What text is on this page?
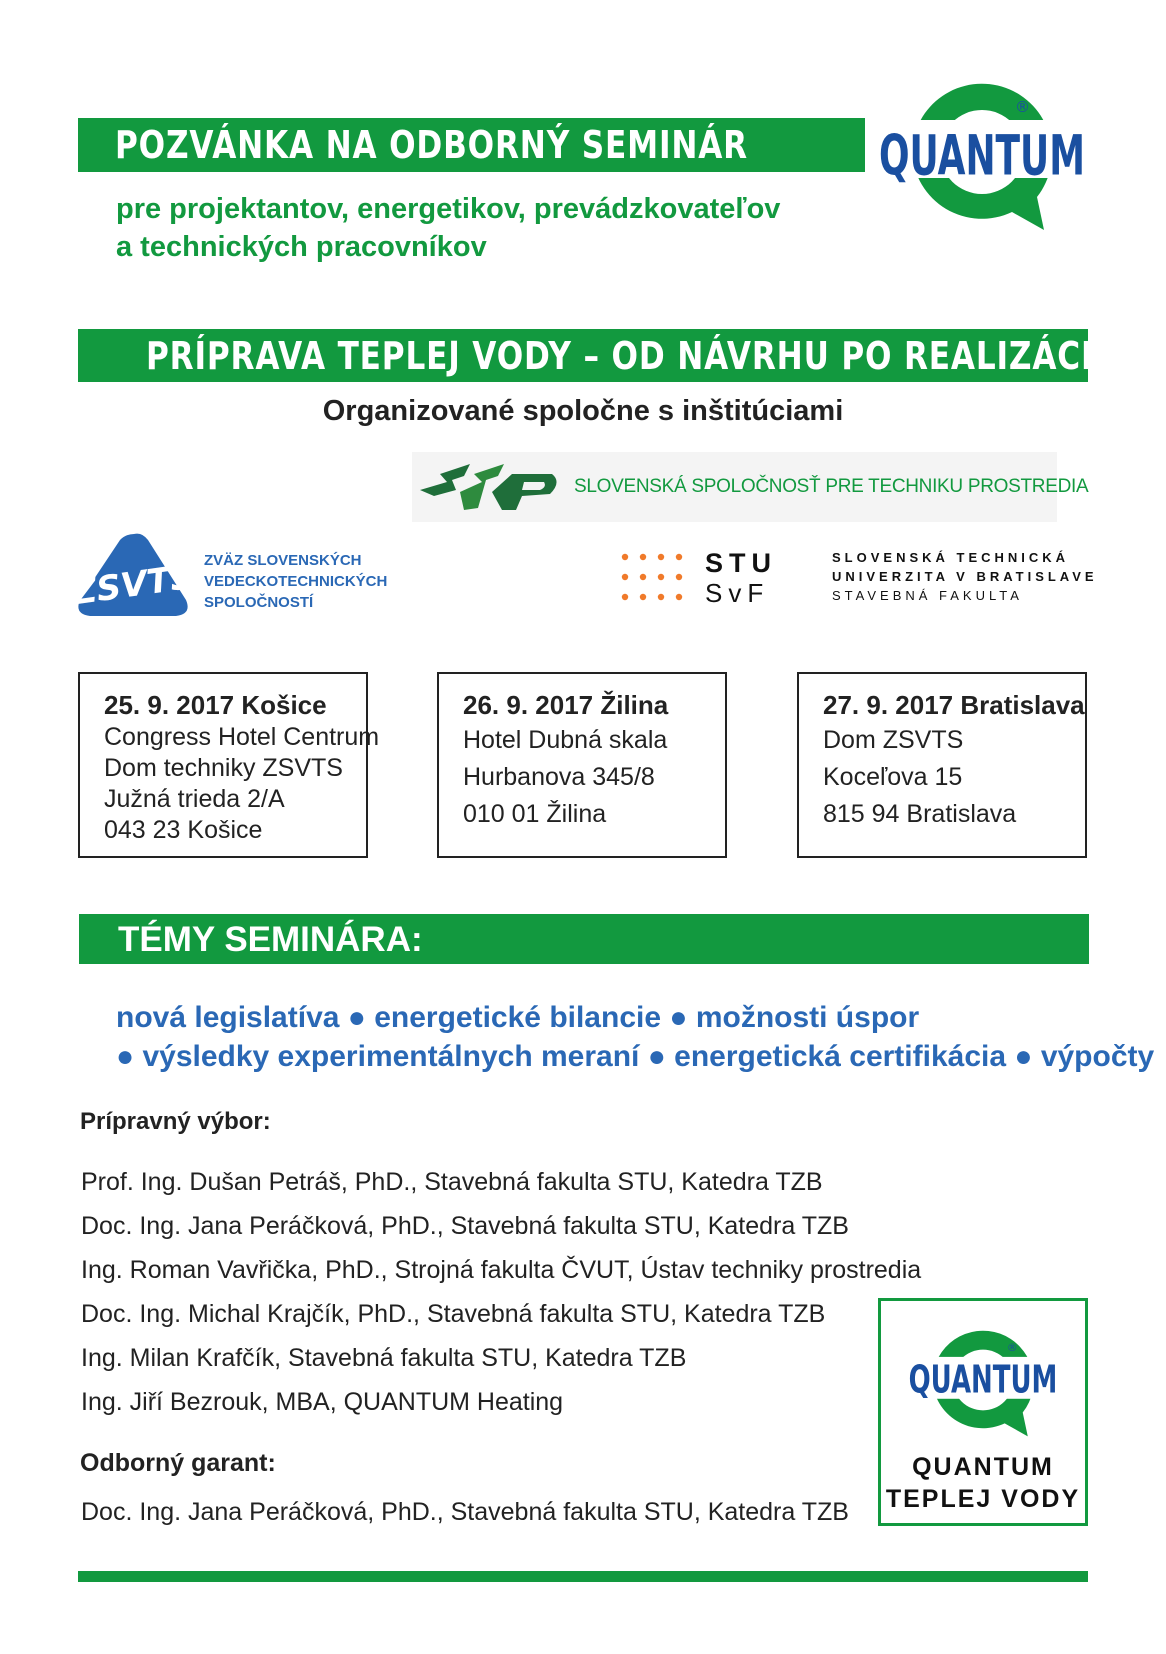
POZVÁNKA NA ODBORNÝ SEMINÁR
pre projektantov, energetikov, prevádzkovateľov
a technických pracovníkov
QUANTUM
®
PRÍPRAVA TEPLEJ VODY – OD NÁVRHU PO REALIZÁCIU
Organizované spoločne s inštitúciami
SLOVENSKÁ SPOLOČNOSŤ PRE TECHNIKU PROSTREDIA
ZSVTS ZVÄZ SLOVENSKÝCH
VEDECKOTECHNICKÝCH
SPOLOČNOSTÍ
STU
SvF
SLOVENSKÁ TECHNICKÁ
UNIVERZITA V BRATISLAVE
STAVEBNÁ FAKULTA
25. 9. 2017 Košice
Congress Hotel Centrum
Dom techniky ZSVTS
Južná trieda 2/A
043 23 Košice
26. 9. 2017 Žilina
Hotel Dubná skala
Hurbanova 345/8
010 01 Žilina
27. 9. 2017 Bratislava
Dom ZSVTS
Koceľova 15
815 94 Bratislava
TÉMY SEMINÁRA:
nová legislatíva ● energetické bilancie ● možnosti úspor
● výsledky experimentálnych meraní ● energetická certifikácia ● výpočty
Prípravný výbor:
Prof. Ing. Dušan Petráš, PhD., Stavebná fakulta STU, Katedra TZB
Doc. Ing. Jana Peráčková, PhD., Stavebná fakulta STU, Katedra TZB
Ing. Roman Vavřička, PhD., Strojná fakulta ČVUT, Ústav techniky prostredia
Doc. Ing. Michal Krajčík, PhD., Stavebná fakulta STU, Katedra TZB
Ing. Milan Krafčík, Stavebná fakulta STU, Katedra TZB
Ing. Jiří Bezrouk, MBA, QUANTUM Heating
Odborný garant:
Doc. Ing. Jana Peráčková, PhD., Stavebná fakulta STU, Katedra TZB
QUANTUM
®
QUANTUM
TEPLEJ VODY
